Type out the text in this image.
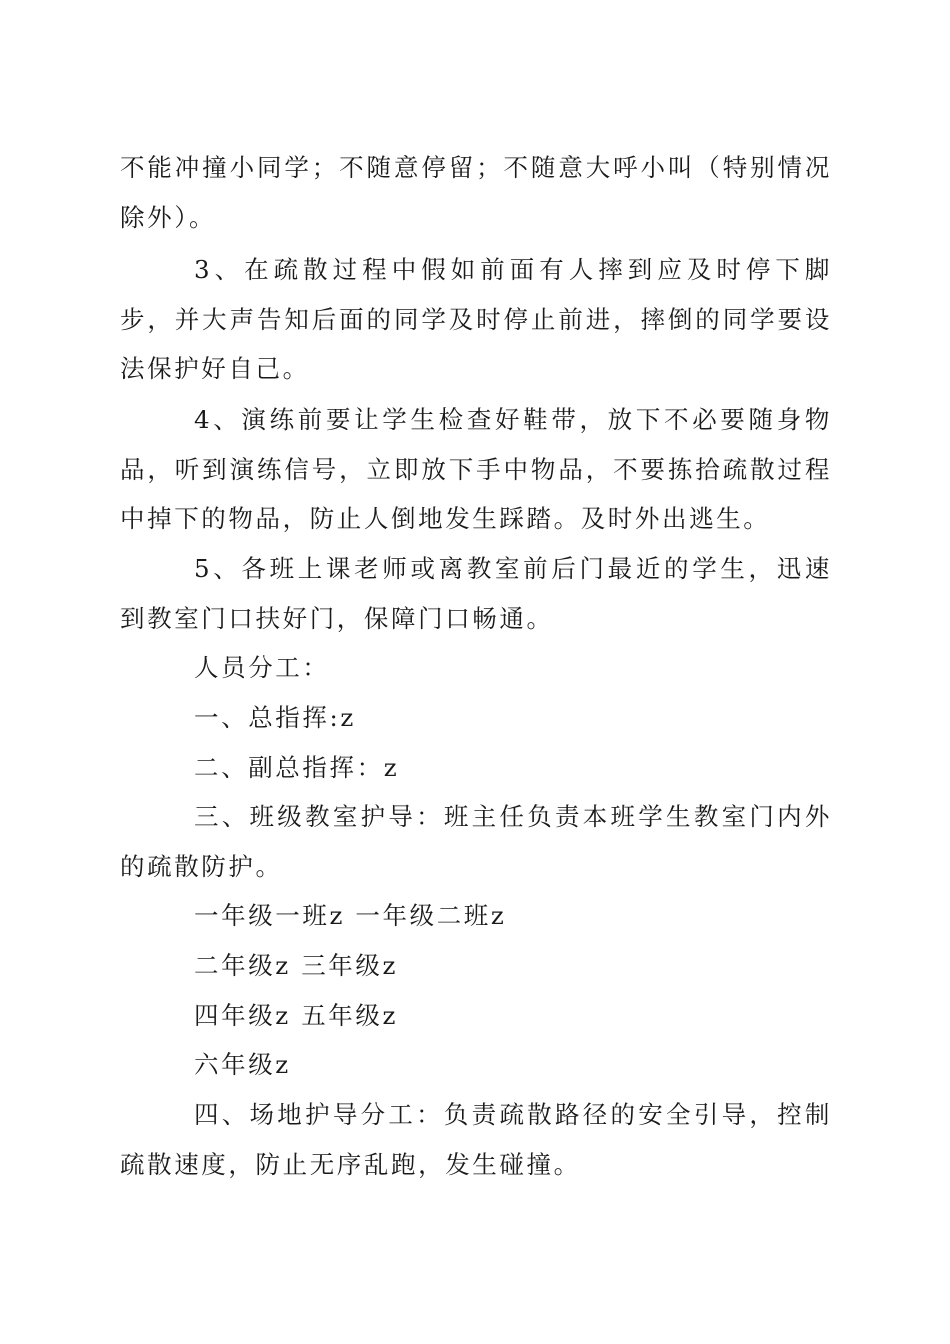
不能冲撞小同学；不随意停留；不随意大呼小叫（特别情况除外）。

3、在疏散过程中假如前面有人摔到应及时停下脚步，并大声告知后面的同学及时停止前进，摔倒的同学要设法保护好自己。

4、演练前要让学生检查好鞋带，放下不必要随身物品，听到演练信号，立即放下手中物品，不要拣拾疏散过程中掉下的物品，防止人倒地发生踩踏。及时外出逃生。

5、各班上课老师或离教室前后门最近的学生，迅速到教室门口扶好门，保障门口畅通。

人员分工：

一、总指挥:z

二、副总指挥：z

三、班级教室护导：班主任负责本班学生教室门内外的疏散防护。

一年级一班z 一年级二班z

二年级z 三年级z

四年级z 五年级z

六年级z

四、场地护导分工：负责疏散路径的安全引导，控制疏散速度，防止无序乱跑，发生碰撞。
